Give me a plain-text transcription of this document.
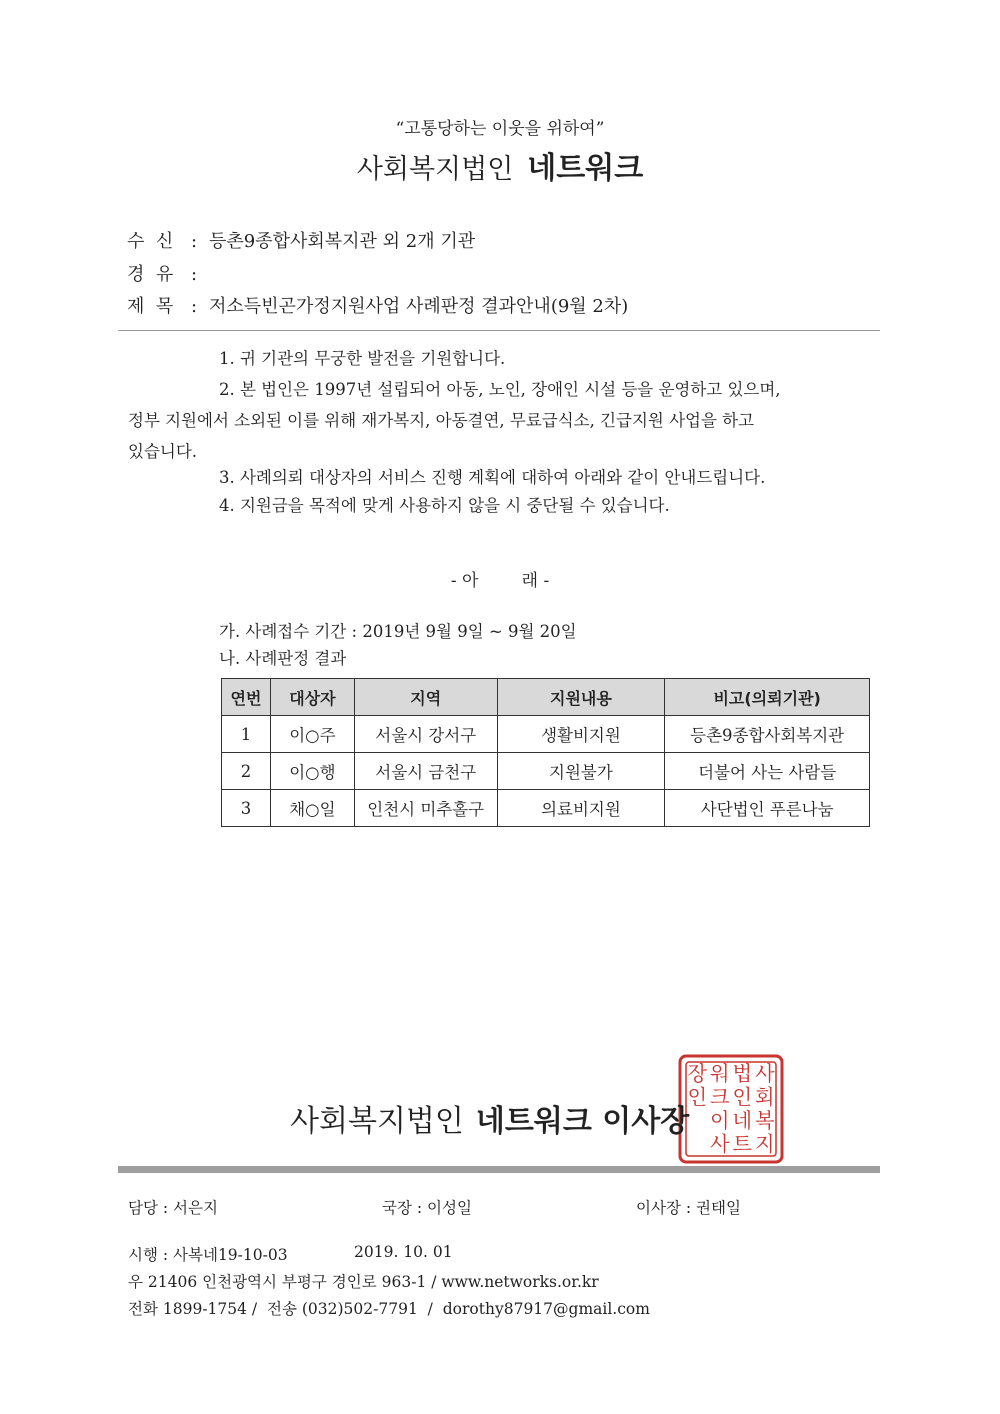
“고통당하는 이웃을 위하여”
사회복지법인 네트워크
수  신 : 등촌9종합사회복지관 외 2개 기관
경  유 :
제  목 : 저소득빈곤가정지원사업 사례판정 결과안내(9월 2차)
1. 귀 기관의 무궁한 발전을 기원합니다.
2. 본 법인은 1997년 설립되어 아동, 노인, 장애인 시설 등을 운영하고 있으며,
정부 지원에서 소외된 이를 위해 재가복지, 아동결연, 무료급식소, 긴급지원 사업을 하고
있습니다.
3. 사례의뢰 대상자의 서비스 진행 계획에 대하여 아래와 같이 안내드립니다.
4. 지원금을 목적에 맞게 사용하지 않을 시 중단될 수 있습니다.
- 아        래 -
가. 사례접수 기간 : 2019년 9월 9일 ~ 9월 20일
나. 사례판정 결과
연번	대상자	지역	지원내용	비고(의뢰기관)
1	이○주	서울시 강서구	생활비지원	등촌9종합사회복지관
2	이○행	서울시 금천구	지원불가	더불어 사는 사람들
3	채○일	인천시 미추홀구	의료비지원	사단법인 푸른나눔
사
회
복
지
법
인
네
트
워
크
이
사
장
인
사회복지법인 네트워크 이사장
담당 : 서은지	국장 : 이성일	이사장 : 권태일
시행 : 사복네19-10-03	2019. 10. 01
우 21406 인천광역시 부평구 경인로 963-1 / www.networks.or.kr
전화 1899-1754 /  전송 (032)502-7791  /  dorothy87917@gmail.com
